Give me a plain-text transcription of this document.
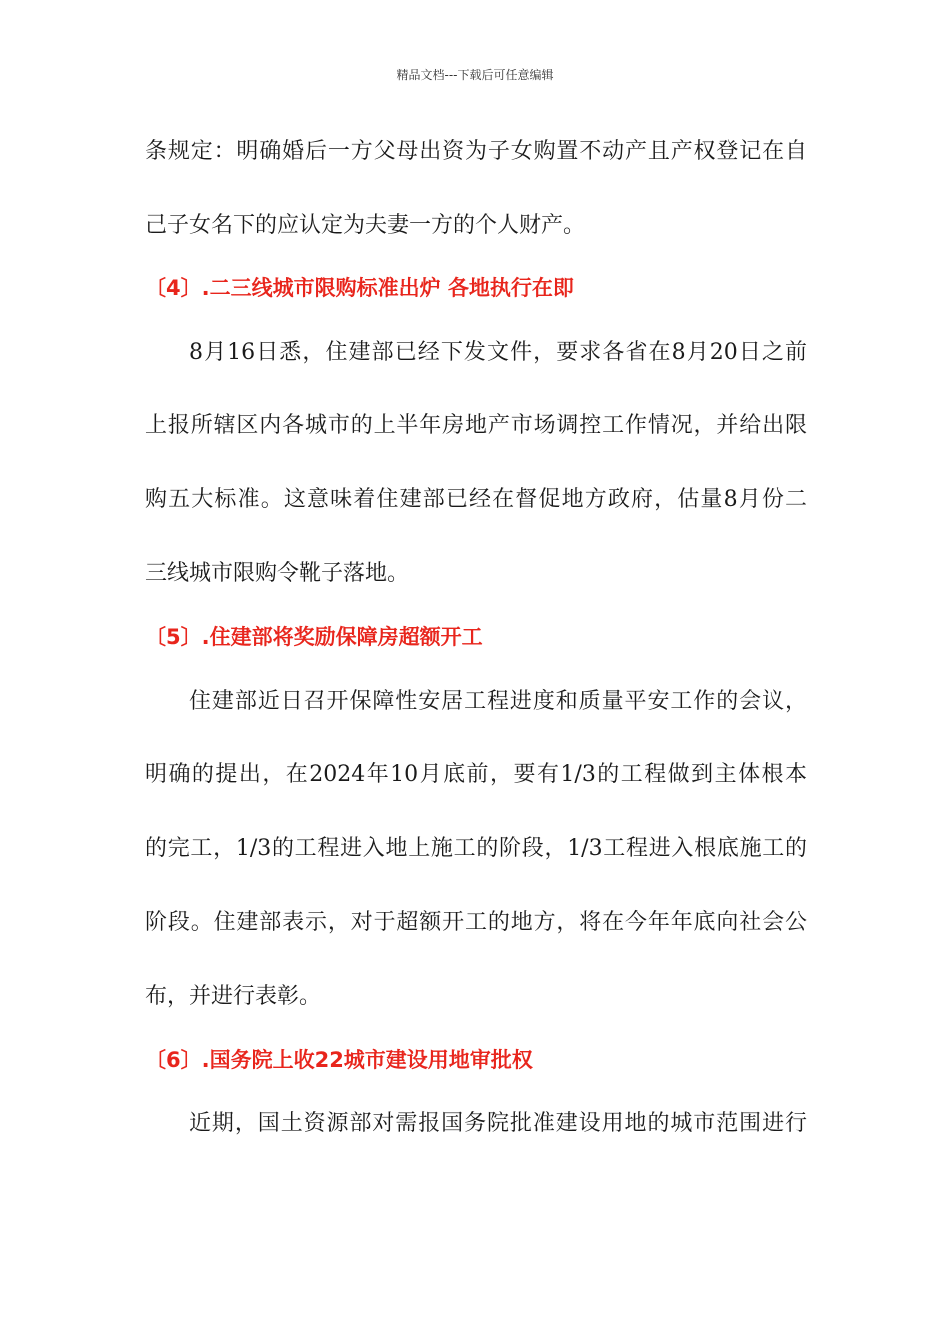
精品文档---下载后可任意编辑
条规定：明确婚后一方父母出资为子女购置不动产且产权登记在自
己子女名下的应认定为夫妻一方的个人财产。
〔4〕.二三线城市限购标准出炉 各地执行在即
8月16日悉，住建部已经下发文件，要求各省在8月20日之前
上报所辖区内各城市的上半年房地产市场调控工作情况，并给出限
购五大标准。这意味着住建部已经在督促地方政府，估量8月份二
三线城市限购令靴子落地。
〔5〕.住建部将奖励保障房超额开工
住建部近日召开保障性安居工程进度和质量平安工作的会议，
明确的提出，在2024年10月底前，要有1/3的工程做到主体根本
的完工，1/3的工程进入地上施工的阶段，1/3工程进入根底施工的
阶段。住建部表示，对于超额开工的地方，将在今年年底向社会公
布，并进行表彰。
〔6〕.国务院上收22城市建设用地审批权
近期，国土资源部对需报国务院批准建设用地的城市范围进行
